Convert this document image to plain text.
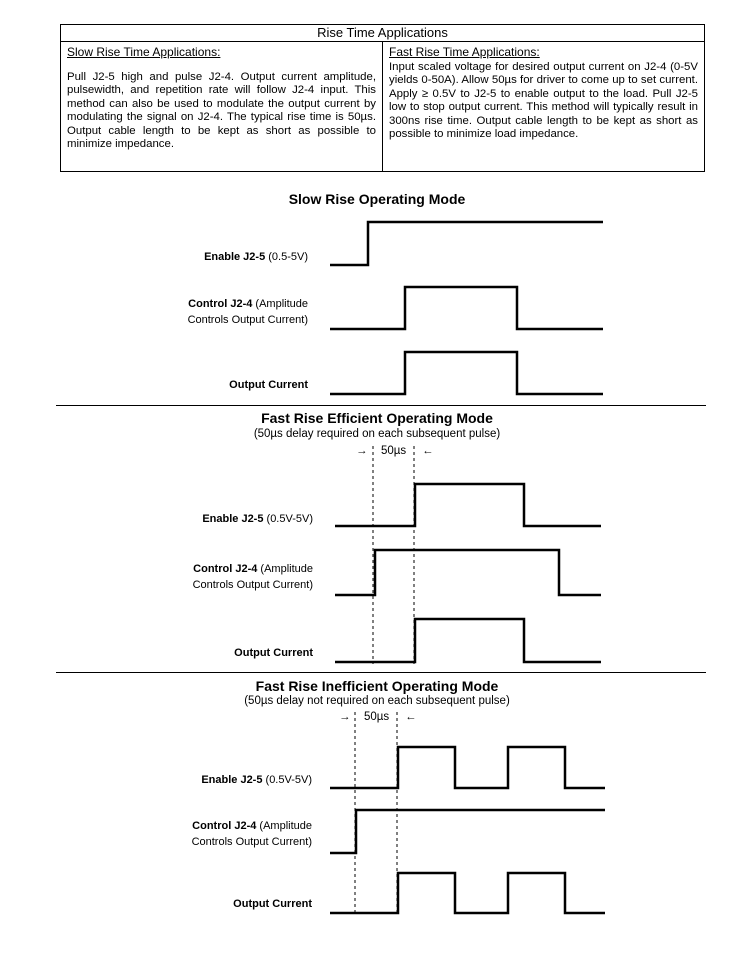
Rise Time Applications
Slow Rise Time Applications:
Pull J2-5 high and pulse J2-4. Output current amplitude, pulsewidth, and repetition rate will follow J2-4 input. This method can also be used to modulate the output current by modulating the signal on J2-4. The typical rise time is 50µs. Output cable length to be kept as short as possible to minimize impedance.
Fast Rise Time Applications:
Input scaled voltage for desired output current on J2-4 (0-5V yields 0-50A). Allow 50µs for driver to come up to set current. Apply ≥ 0.5V to J2-5 to enable output to the load. Pull J2-5 low to stop output current. This method will typically result in 300ns rise time. Output cable length to be kept as short as possible to minimize load impedance.
Slow Rise Operating Mode
Enable J2-5 (0.5-5V)
Control J2-4 (Amplitude
Controls Output Current)
Output Current
Fast Rise Efficient Operating Mode
(50µs delay required on each subsequent pulse)
→ 50µs ←
Enable J2-5 (0.5V-5V)
Control J2-4 (Amplitude
Controls Output Current)
Output Current
Fast Rise Inefficient Operating Mode
(50µs delay not required on each subsequent pulse)
→ 50µs ←
Enable J2-5 (0.5V-5V)
Control J2-4 (Amplitude
Controls Output Current)
Output Current
